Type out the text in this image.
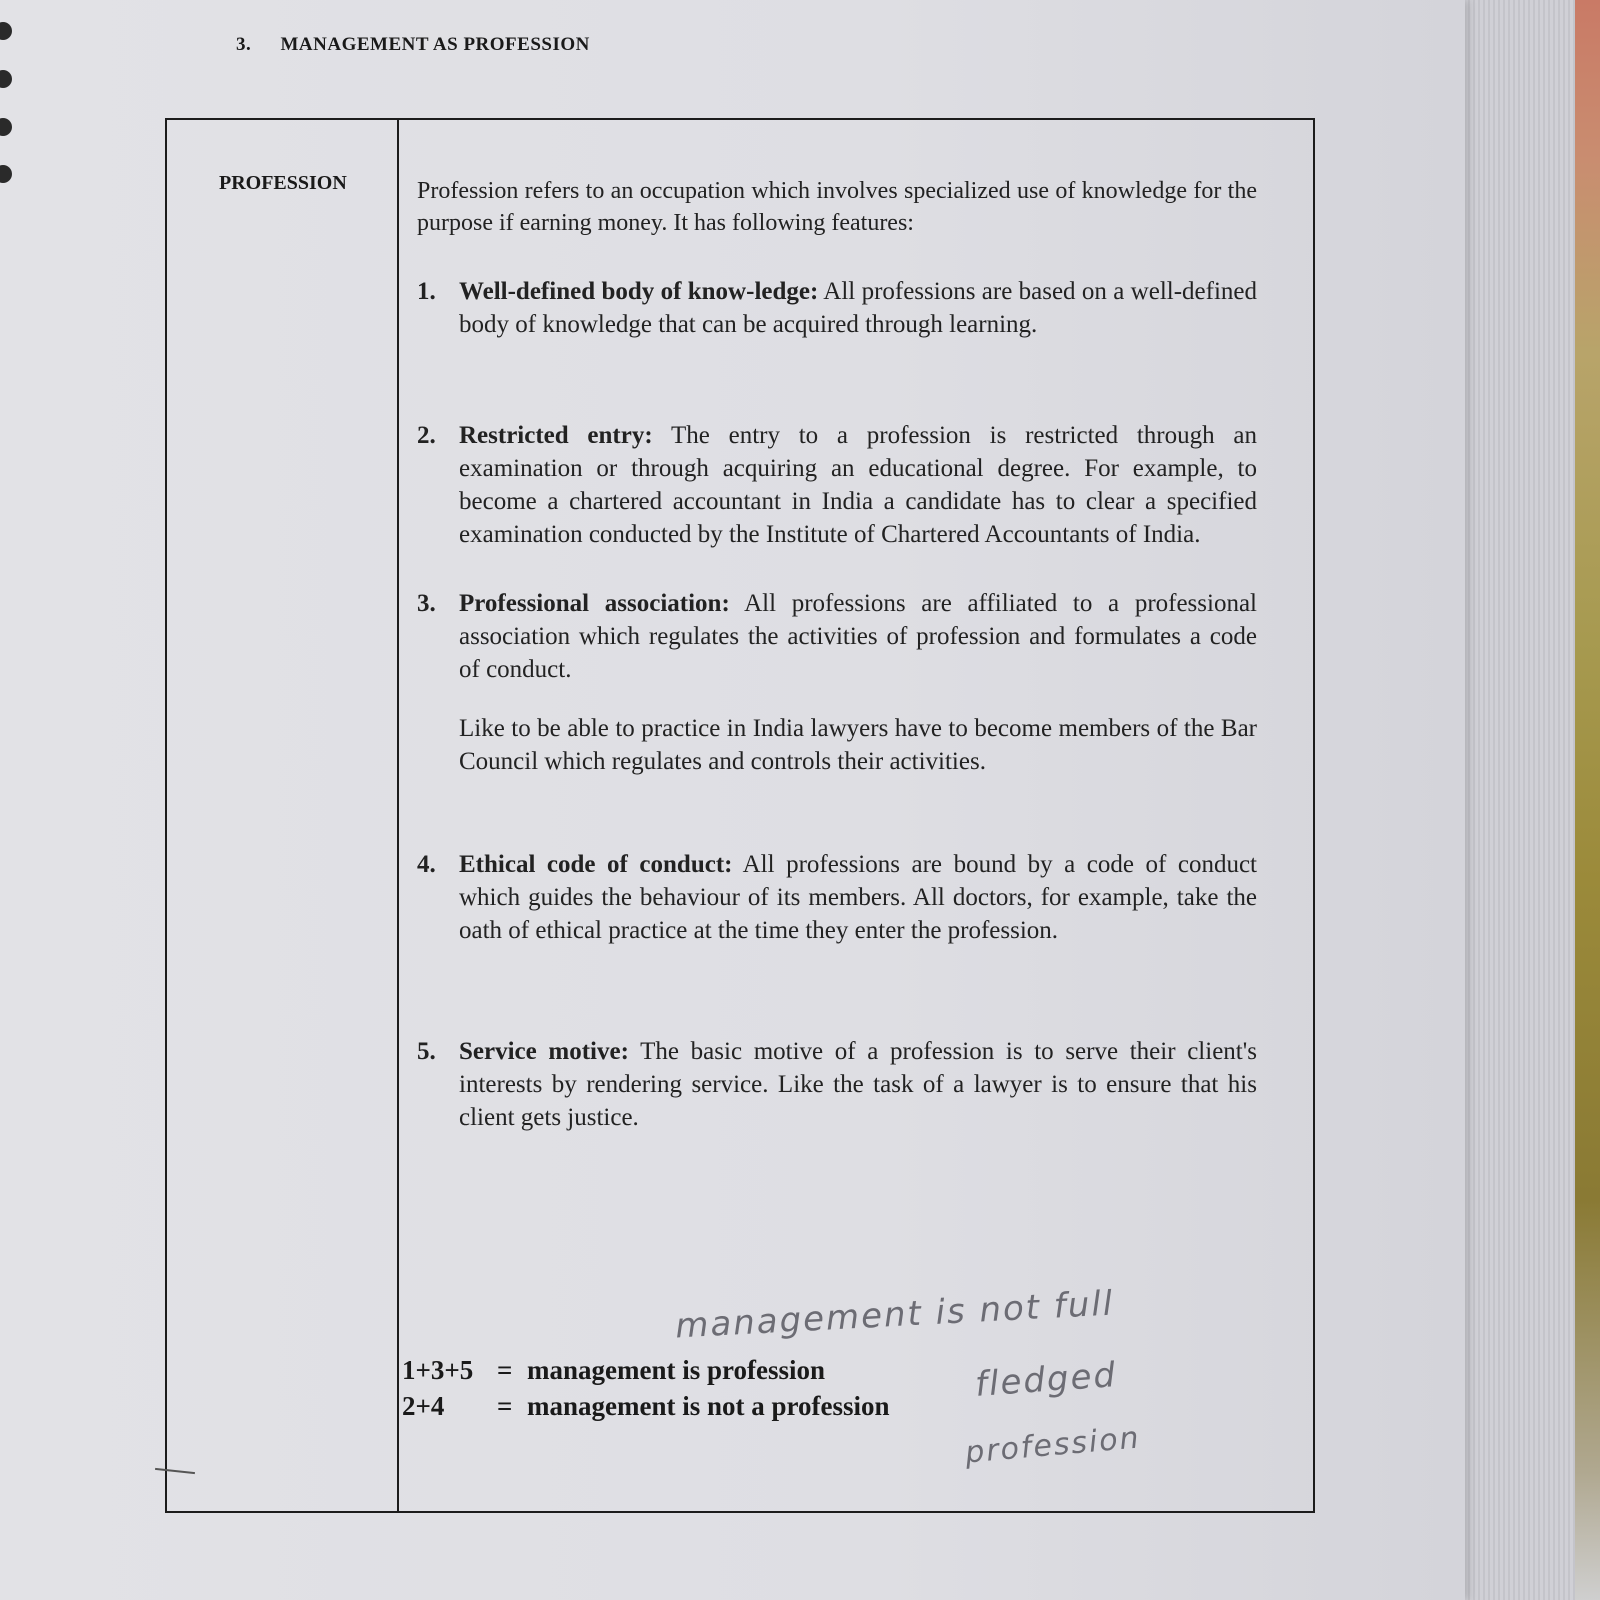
3. MANAGEMENT AS PROFESSION
PROFESSION	Profession refers to an occupation which involves specialized use of knowledge for the purpose if earning money. It has following features:

1. Well-defined body of know-ledge: All professions are based on a well-defined body of knowledge that can be acquired through learning.
2. Restricted entry: The entry to a profession is restricted through an examination or through acquiring an educational degree. For example, to become a chartered accountant in India a candidate has to clear a specified examination conducted by the Institute of Chartered Accountants of India.
3. Professional association: All professions are affiliated to a professional association which regulates the activities of profession and formulates a code of conduct.
Like to be able to practice in India lawyers have to become members of the Bar Council which regulates and controls their activities.
4. Ethical code of conduct: All professions are bound by a code of conduct which guides the behaviour of its members. All doctors, for example, take the oath of ethical practice at the time they enter the profession.
5. Service motive: The basic motive of a profession is to serve their client's interests by rendering service. Like the task of a lawyer is to ensure that his client gets justice.
1+3+5 = management is profession
2+4	= management is not a profession
management is not full
fledged
profession
